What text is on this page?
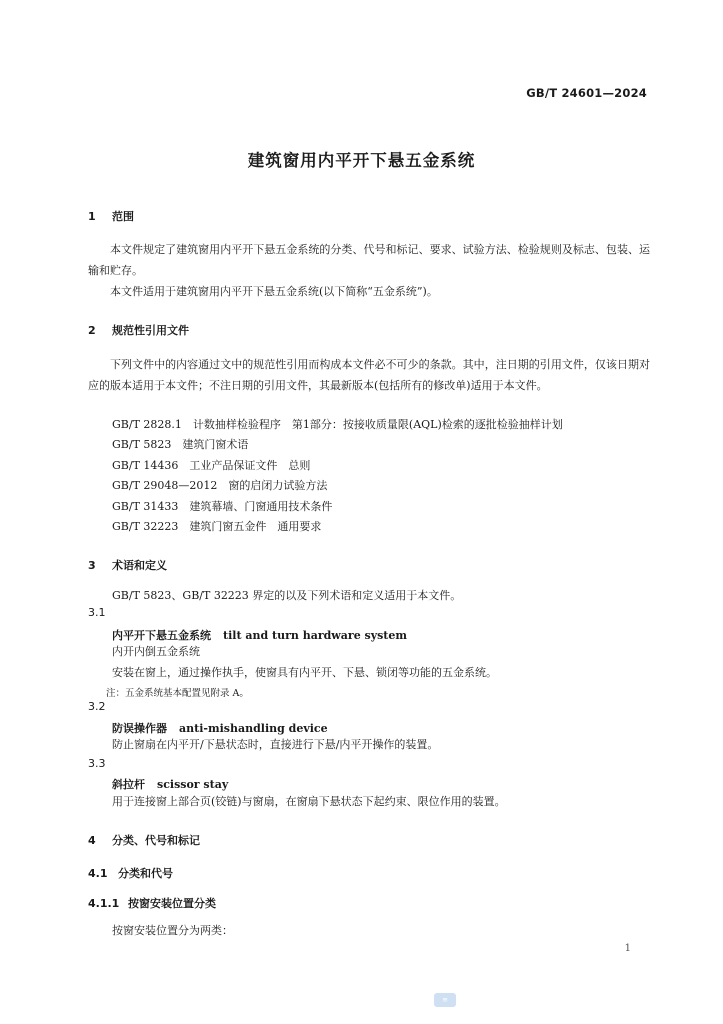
GB/T 24601—2024
建筑窗用内平开下悬五金系统
1 范围
本文件规定了建筑窗用内平开下悬五金系统的分类、代号和标记、要求、试验方法、检验规则及标志、包装、运输和贮存。
本文件适用于建筑窗用内平开下悬五金系统(以下简称“五金系统”)。
2 规范性引用文件
下列文件中的内容通过文中的规范性引用而构成本文件必不可少的条款。其中，注日期的引用文件，仅该日期对应的版本适用于本文件；不注日期的引用文件，其最新版本(包括所有的修改单)适用于本文件。
GB/T 2828.1　计数抽样检验程序　第1部分：按接收质量限(AQL)检索的逐批检验抽样计划
GB/T 5823　建筑门窗术语
GB/T 14436　工业产品保证文件　总则
GB/T 29048—2012　窗的启闭力试验方法
GB/T 31433　建筑幕墙、门窗通用技术条件
GB/T 32223　建筑门窗五金件　通用要求
3 术语和定义
GB/T 5823、GB/T 32223 界定的以及下列术语和定义适用于本文件。
3.1
内平开下悬五金系统 tilt and turn hardware system
内开内倒五金系统
安装在窗上，通过操作执手，使窗具有内平开、下悬、锁闭等功能的五金系统。
注：五金系统基本配置见附录 A。
3.2
防误操作器 anti-mishandling device
防止窗扇在内平开/下悬状态时，直接进行下悬/内平开操作的装置。
3.3
斜拉杆 scissor stay
用于连接窗上部合页(铰链)与窗扇，在窗扇下悬状态下起约束、限位作用的装置。
4 分类、代号和标记
4.1 分类和代号
4.1.1 按窗安装位置分类
按窗安装位置分为两类：
1
≋
